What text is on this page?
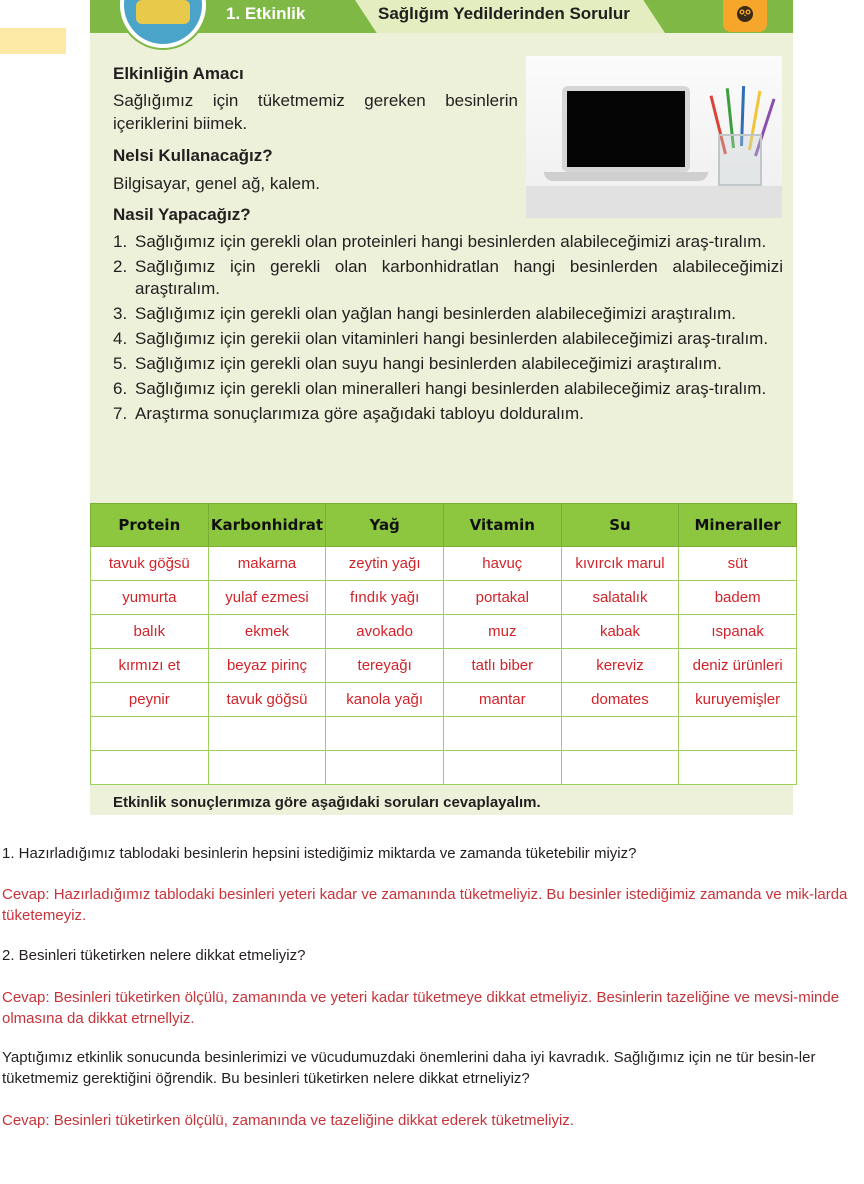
1. Etkinlik	Sağlığım Yedilderinden Sorulur
Elkinliğin Amacı
Sağlığımız için tüketmemiz gereken besinlerin
içeriklerini biimek.
Nelsi Kullanacağız?
Bilgisayar, genel ağ, kalem.
Nasil Yapacağız?
1. Sağlığımız için gerekli olan proteinleri hangi besinlerden alabileceğimizi araş-tıralım.
2. Sağlığımız için gerekli olan karbonhidratlan hangi besinlerden alabileceğimizi araştıralım.
3. Sağlığımız için gerekli olan yağlan hangi besinlerden alabileceğimizi araştıralım.
4. Sağlığımız için gerekii olan vitaminleri hangi besinlerden alabileceğimizi araş-tıralım.
5. Sağlığımız için gerekli olan suyu hangi besinlerden alabileceğimizi araştıralım.
6. Sağlığımız için gerekli olan mineralleri hangi besinlerden alabileceğimiz araş-tıralım.
7. Araştırma sonuçlarımıza göre aşağıdaki tabloyu dolduralım.
Protein	Karbonhidrat	Yağ	Vitamin	Su	Mineraller
tavuk göğsü	makarna	zeytin yağı	havuç	kıvırcık marul	süt
yumurta	yulaf ezmesi	fındık yağı	portakal	salatalık	badem
balık	ekmek	avokado	muz	kabak	ıspanak
kırmızı et	beyaz pirinç	tereyağı	tatlı biber	kereviz	deniz ürünleri
peynir	tavuk göğsü	kanola yağı	mantar	domates	kuruyemişler

Etkinlik sonuçlerımıza göre aşağıdaki soruları cevaplayalım.
1. Hazırladığımız tablodaki besinlerin hepsini istediğimiz miktarda ve zamanda tüketebilir miyiz?
Cevap: Hazırladığımız tablodaki besinleri yeteri kadar ve zamanında tüketmeliyiz. Bu besinler istediğimiz zamanda ve mik-larda tüketemeyiz.
2. Besinleri tüketirken nelere dikkat etmeliyiz?
Cevap: Besinleri tüketirken ölçülü, zamanında ve yeteri kadar tüketmeye dikkat etmeliyiz. Besinlerin tazeliğine ve mevsi-minde olmasına da dikkat etrnellyiz.
Yaptığımız etkinlik sonucunda besinlerimizi ve vücudumuzdaki önemlerini daha iyi kavradık. Sağlığımız için ne tür besin-ler tüketmemiz gerektiğini öğrendik. Bu besinleri tüketirken nelere dikkat etrneliyiz?
Cevap: Besinleri tüketirken ölçülü, zamanında ve tazeliğine dikkat ederek tüketmeliyiz.
